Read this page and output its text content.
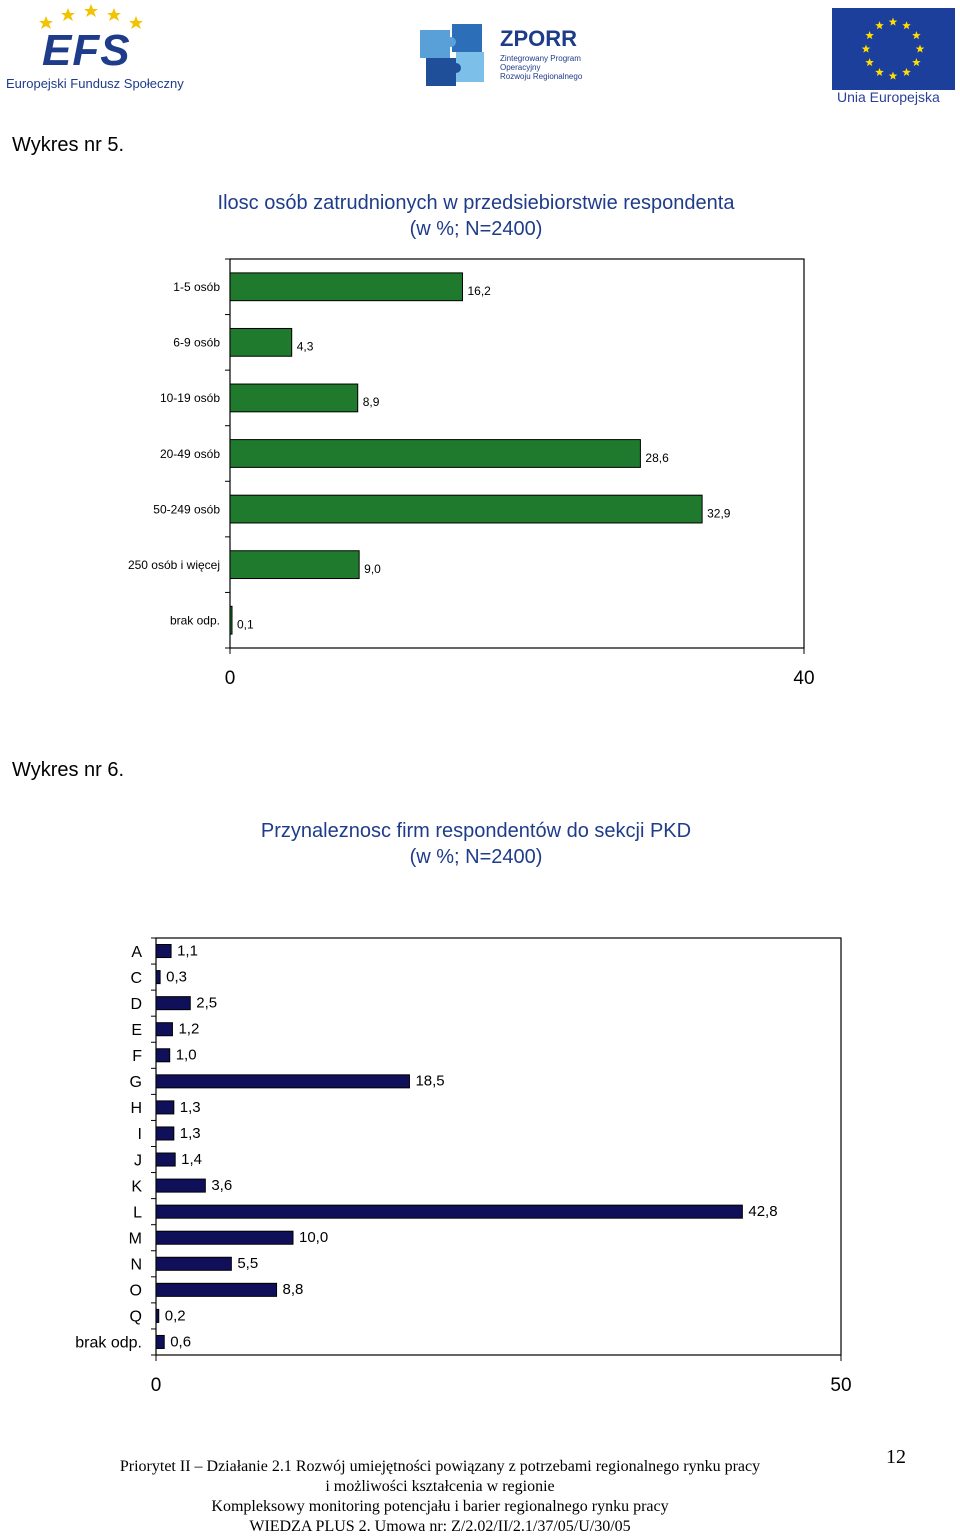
EFS
Europejski Fundusz Społeczny
ZPORR
Zintegrowany Program
Operacyjny
Rozwoju Regionalnego
Unia Europejska
Wykres nr 5.
Ilosc osób zatrudnionych w przedsiebiorstwie respondenta
(w %; N=2400)
1-5 osób	16,2
6-9 osób	4,3
10-19 osób	8,9
20-49 osób	28,6
50-249 osób	32,9
250 osób i więcej	9,0
brak odp. 0,1
0	40
Wykres nr 6.
Przynaleznosc firm respondentów do sekcji PKD
(w %; N=2400)
A 1,1
C 0,3
D	2,5
E 1,2
F 1,0
G	18,5
H	1,3
I	1,3
J	1,4
K	3,6
L	42,8
M	10,0
N	5,5
O	8,8
Q 0,2
brak odp. 0,6
0	50
Priorytet II – Działanie 2.1 Rozwój umiejętności powiązany z potrzebami regionalnego rynku pracy
i możliwości kształcenia w regionie
Kompleksowy monitoring potencjału i barier regionalnego rynku pracy
WIEDZA PLUS 2. Umowa nr: Z/2.02/II/2.1/37/05/U/30/05
12
